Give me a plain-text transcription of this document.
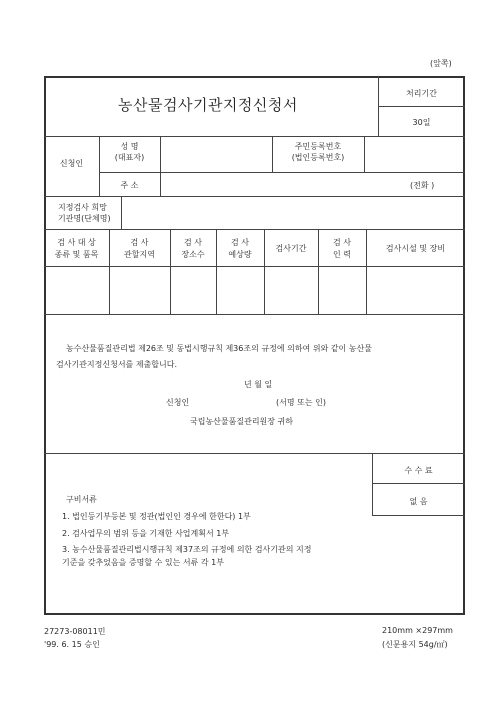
(앞쪽)
농산물검사기관지정신청서
처리기간
30일
신청인
성 명
(대표자)
주민등록번호
(법인등록번호)
주 소	(전화 )
지정검사 희망
기관명(단체명)
검 사 대 상
종류 및 품목
검 사
관할지역
검 사
장소수
검 사
예상량
검사기간
검 사
인 력
검사시설 및 장비
농수산물품질관리법 제26조 및 동법시행규칙 제36조의 규정에 의하여 위와 같이 농산물
검사기관지정신청서를 제출합니다.
년 월 일
신청인	(서명 또는 인)
국립농산물품질관리원장 귀하
수 수 료
없 음
구비서류
1. 법인등기부등본 및 정관(법인인 경우에 한한다) 1부
2. 검사업무의 범위 등을 기재한 사업계획서 1부
3. 농수산물품질관리법시행규칙 제37조의 규정에 의한 검사기관의 지정
기준을 갖추었음을 증명할 수 있는 서류 각 1부
27273-08011민
'99. 6. 15 승인
210mm ×297mm
(신문용지 54g/㎡)
